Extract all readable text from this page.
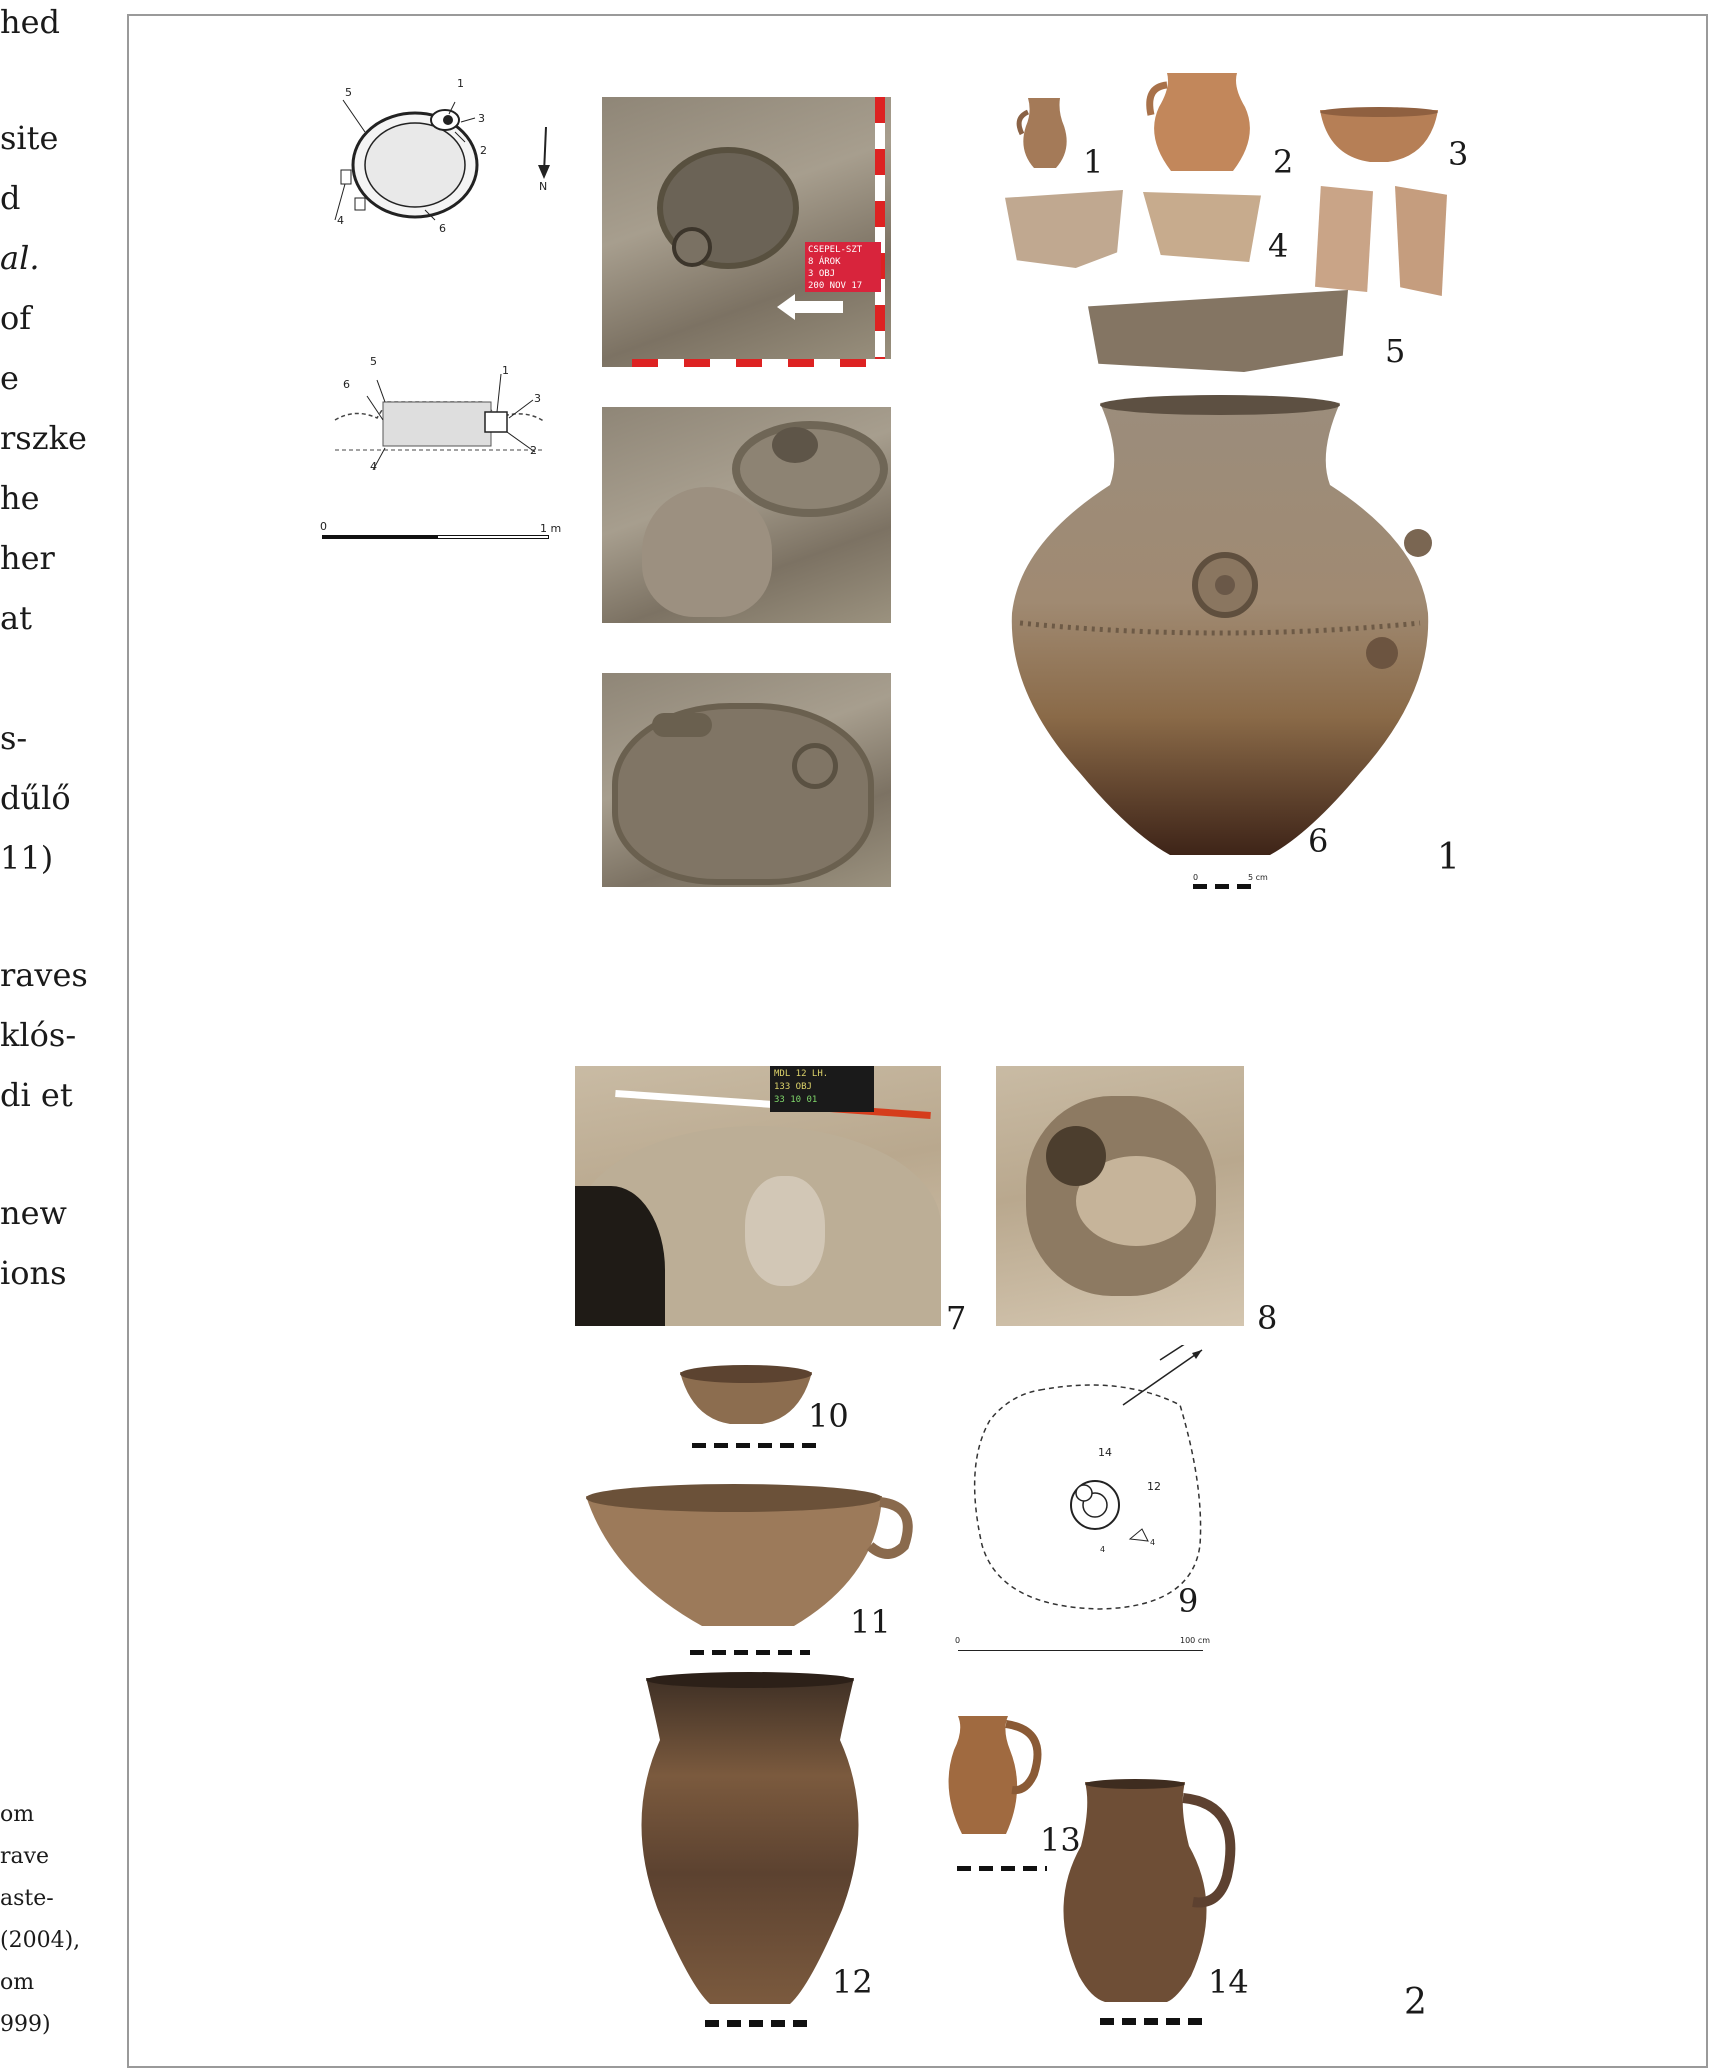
hed
site
d
al.
of
e
rszke
he
her
at
s-
dűlő
11)
raves
klós-
di et
new
ions
om
rave
aste-
(2004),
om
999)
1
2
3
4
5
6
N
5
6
1
3
2
4
0	1 m
CSEPEL-SZT
8 ÁROK
3 OBJ
200 NOV 17
1	2	3
4
5
6	1
0	5 cm
MDL 12 LH.
133 OBJ
33 10 01
7	8
10
11
14
12
4
4
9
0	100 cm
12
13
14	2
